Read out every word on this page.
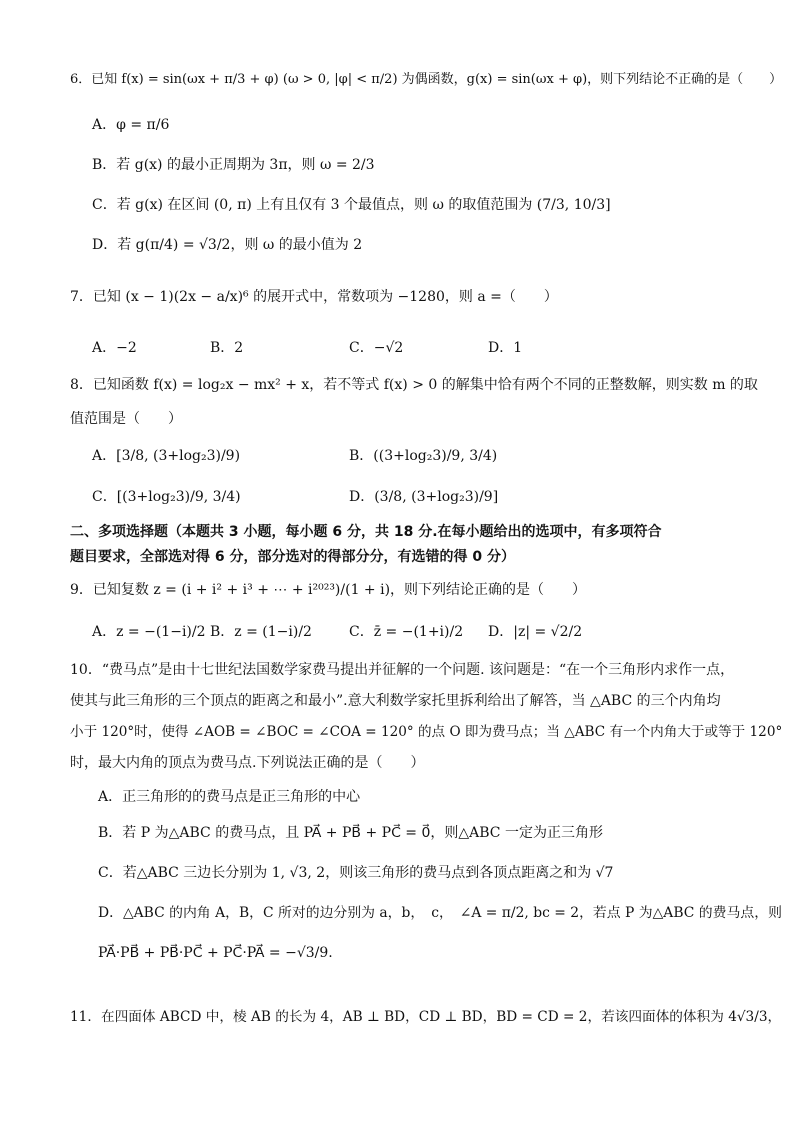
6．已知 f(x) = sin(ωx + π/3 + φ) (ω > 0, |φ| < π/2) 为偶函数，g(x) = sin(ωx + φ)，则下列结论不正确的是（　　）
A．φ = π/6
B．若 g(x) 的最小正周期为 3π，则 ω = 2/3
C．若 g(x) 在区间 (0, π) 上有且仅有 3 个最值点，则 ω 的取值范围为 (7/3, 10/3]
D．若 g(π/4) = √3/2，则 ω 的最小值为 2
7．已知 (x − 1)(2x − a/x)⁶ 的展开式中，常数项为 −1280，则 a =（　　）
A．−2	B．2	C．−√2	D．1
8．已知函数 f(x) = log₂x − mx² + x，若不等式 f(x) > 0 的解集中恰有两个不同的正整数解，则实数 m 的取
值范围是（　　）
A．[3/8, (3+log₂3)/9)	B．((3+log₂3)/9, 3/4)
C．[(3+log₂3)/9, 3/4)	D．(3/8, (3+log₂3)/9]
二、多项选择题（本题共 3 小题，每小题 6 分，共 18 分.在每小题给出的选项中，有多项符合
题目要求，全部选对得 6 分，部分选对的得部分分，有选错的得 0 分）
9．已知复数 z = (i + i² + i³ + ⋯ + i²⁰²³)/(1 + i)，则下列结论正确的是（　　）
A．z = −(1−i)/2 B．z = (1−i)/2	C．z̄ = −(1+i)/2 D．|z| = √2/2
10．“费马点”是由十七世纪法国数学家费马提出并征解的一个问题. 该问题是：“在一个三角形内求作一点，
使其与此三角形的三个顶点的距离之和最小”.意大利数学家托里拆利给出了解答，当 △ABC 的三个内角均
小于 120°时，使得 ∠AOB = ∠BOC = ∠COA = 120° 的点 O 即为费马点；当 △ABC 有一个内角大于或等于 120°
时，最大内角的顶点为费马点.下列说法正确的是（　　）
A．正三角形的的费马点是正三角形的中心
B．若 P 为△ABC 的费马点，且 PA⃗ + PB⃗ + PC⃗ = 0⃗，则△ABC 一定为正三角形
C．若△ABC 三边长分别为 1, √3, 2，则该三角形的费马点到各顶点距离之和为 √7
D．△ABC 的内角 A，B，C 所对的边分别为 a，b，　c，　∠A = π/2, bc = 2，若点 P 为△ABC 的费马点，则
PA⃗·PB⃗ + PB⃗·PC⃗ + PC⃗·PA⃗ = −√3/9.
11．在四面体 ABCD 中，棱 AB 的长为 4，AB ⊥ BD，CD ⊥ BD，BD = CD = 2，若该四面体的体积为 4√3/3，
